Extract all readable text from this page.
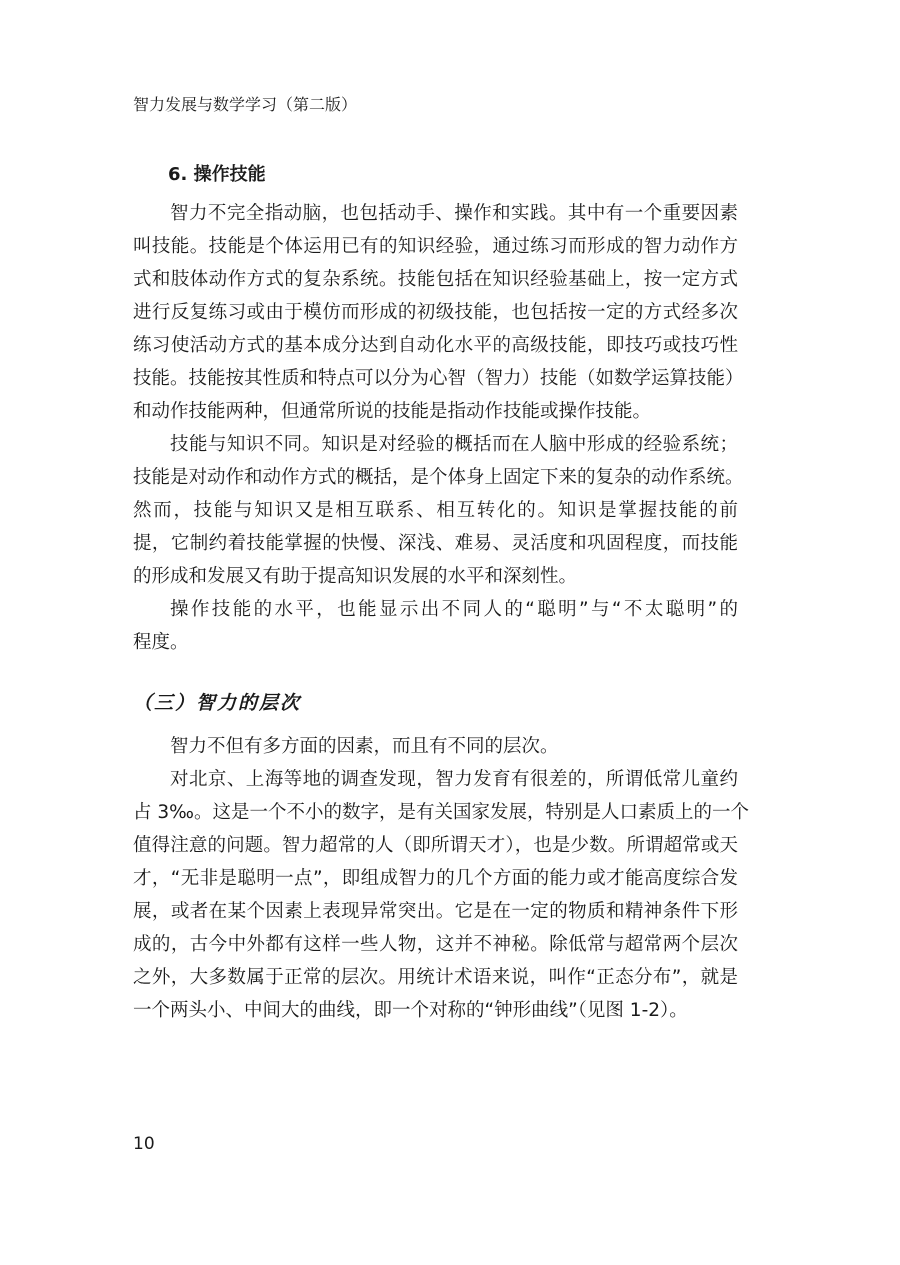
智力发展与数学学习（第二版）
6. 操作技能
智力不完全指动脑，也包括动手、操作和实践。其中有一个重要因素
叫技能。技能是个体运用已有的知识经验，通过练习而形成的智力动作方
式和肢体动作方式的复杂系统。技能包括在知识经验基础上，按一定方式
进行反复练习或由于模仿而形成的初级技能，也包括按一定的方式经多次
练习使活动方式的基本成分达到自动化水平的高级技能，即技巧或技巧性
技能。技能按其性质和特点可以分为心智（智力）技能（如数学运算技能）
和动作技能两种，但通常所说的技能是指动作技能或操作技能。
技能与知识不同。知识是对经验的概括而在人脑中形成的经验系统；
技能是对动作和动作方式的概括，是个体身上固定下来的复杂的动作系统。
然而，技能与知识又是相互联系、相互转化的。知识是掌握技能的前
提，它制约着技能掌握的快慢、深浅、难易、灵活度和巩固程度，而技能
的形成和发展又有助于提高知识发展的水平和深刻性。
操作技能的水平，也能显示出不同人的“聪明”与“不太聪明”的
程度。
（三）智力的层次
智力不但有多方面的因素，而且有不同的层次。
对北京、上海等地的调查发现，智力发育有很差的，所谓低常儿童约
占 3‰。这是一个不小的数字，是有关国家发展，特别是人口素质上的一个
值得注意的问题。智力超常的人（即所谓天才），也是少数。所谓超常或天
才，“无非是聪明一点”，即组成智力的几个方面的能力或才能高度综合发
展，或者在某个因素上表现异常突出。它是在一定的物质和精神条件下形
成的，古今中外都有这样一些人物，这并不神秘。除低常与超常两个层次
之外，大多数属于正常的层次。用统计术语来说，叫作“正态分布”，就是
一个两头小、中间大的曲线，即一个对称的“钟形曲线”（见图 1-2）。
10
